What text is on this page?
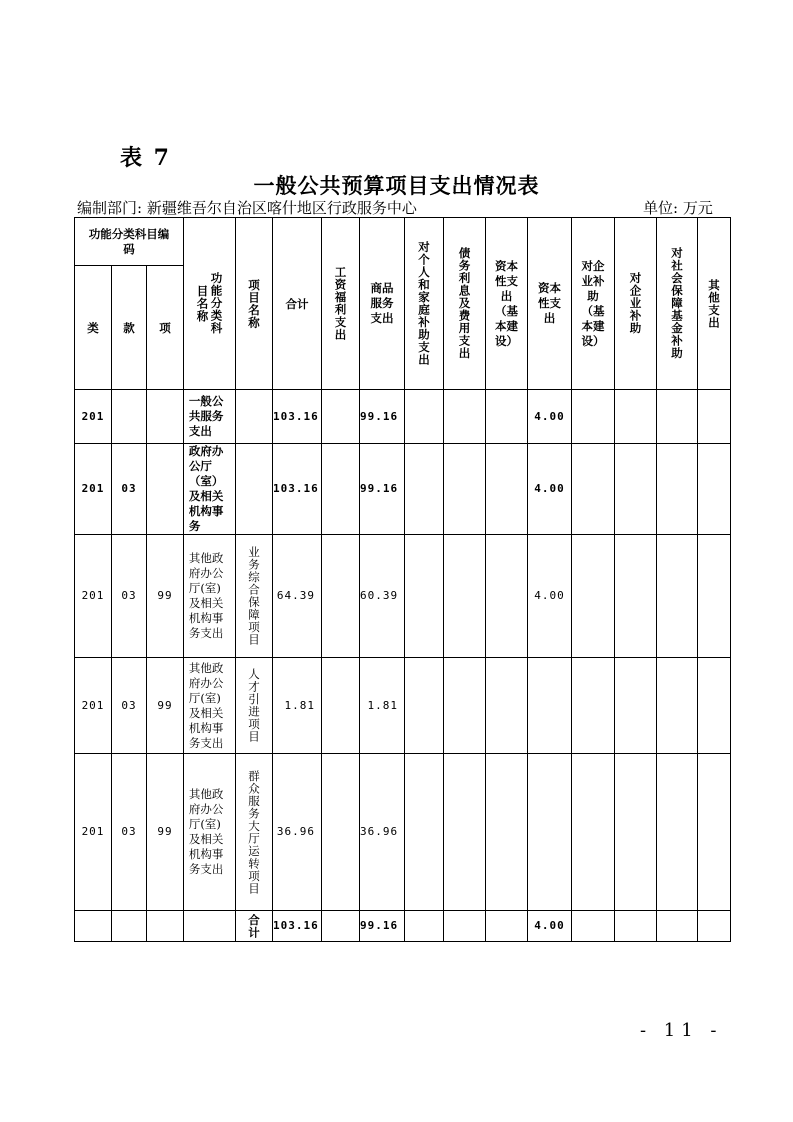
表 7
一般公共预算项目支出情况表
编制部门: 新疆维吾尔自治区喀什地区行政服务中心	单位: 万元
功能分类科目编码			功能分类科目名称	项目名称	合计	工资福利支出	商品服务支出	对个人和家庭补助支出	债务利息及费用支出	资本性支出（基本建设）	资本性支出	对企业补助（基本建设）	对企业补助	对社会保障基金补助	其他支出

类	款	项													
201			一般公共服务支出		103.16		99.16				4.00				
201	03		政府办公厅（室）及相关机构事务		103.16		99.16				4.00				
201	03	99	其他政府办公厅(室)及相关机构事务支出	业务综合保障项目	64.39		60.39				4.00				
201	03	99	其他政府办公厅(室)及相关机构事务支出	人才引进项目	1.81		1.81								
201	03	99	其他政府办公厅(室)及相关机构事务支出	群众服务大厅运转项目	36.96		36.96								

				合计	103.16		99.16				4.00				
- 11 -
